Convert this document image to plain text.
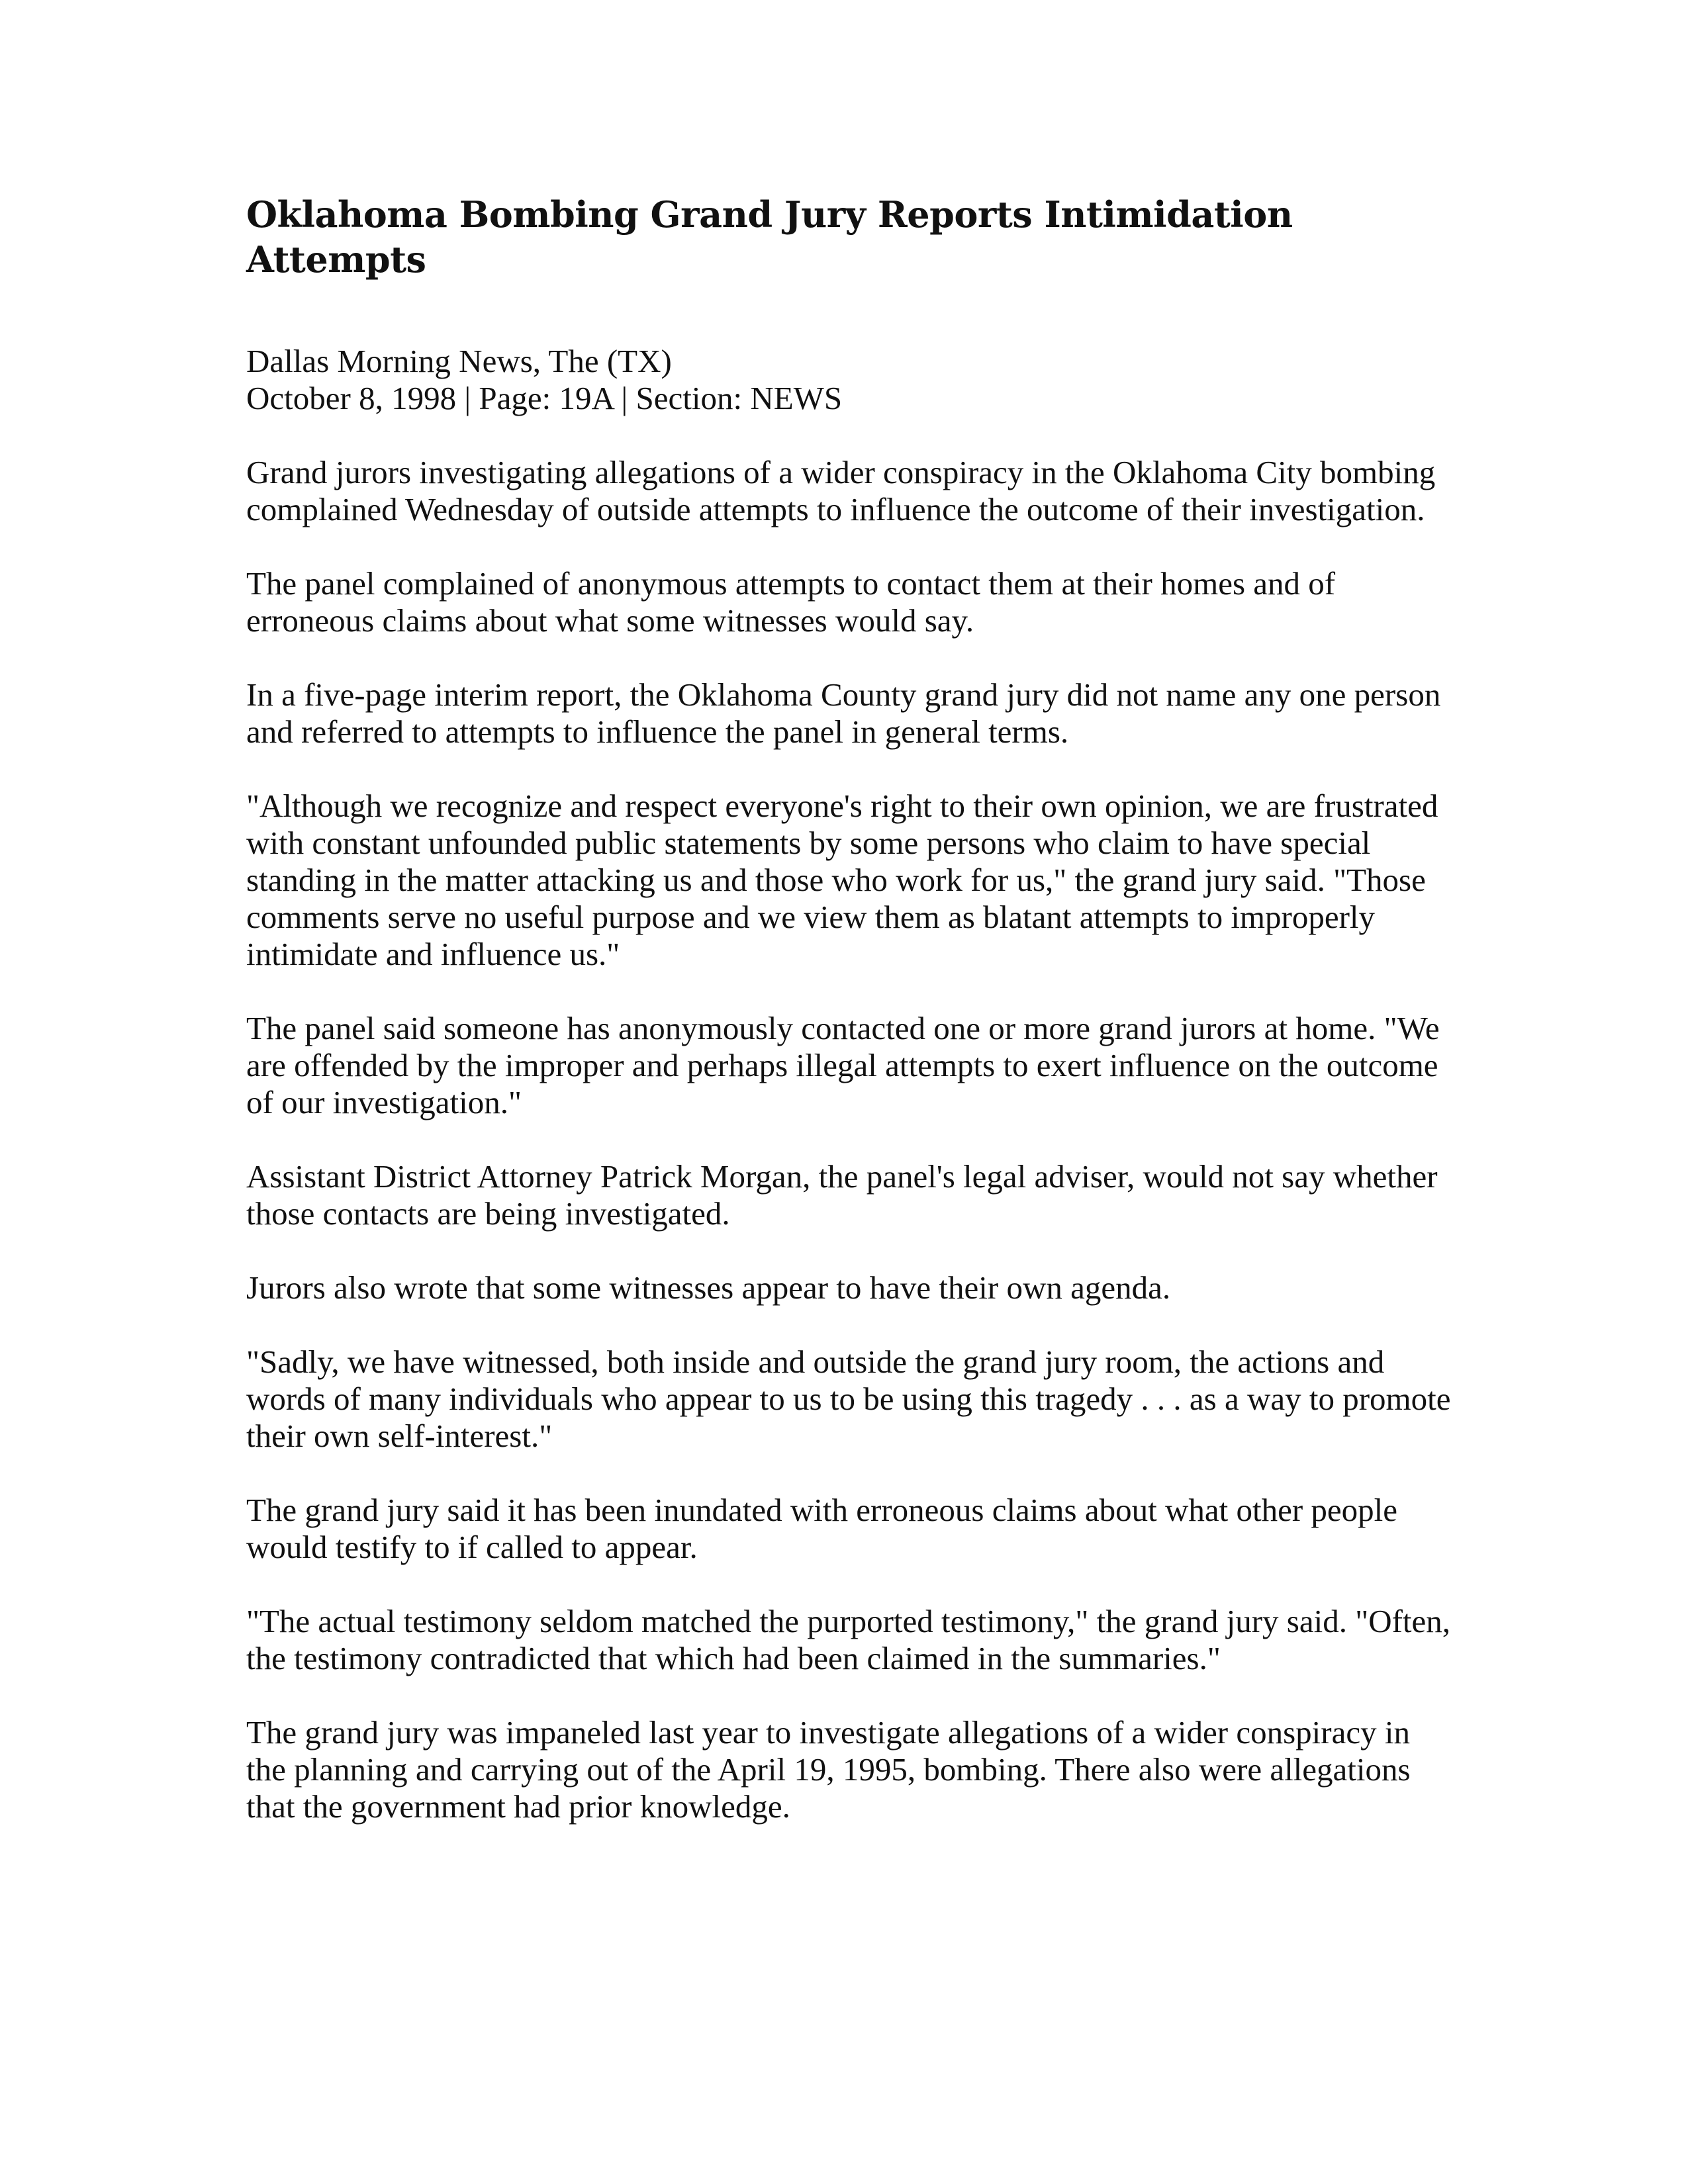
Oklahoma Bombing Grand Jury Reports Intimidation Attempts
Dallas Morning News, The (TX)
October 8, 1998 | Page: 19A | Section: NEWS

Grand jurors investigating allegations of a wider conspiracy in the Oklahoma City bombing complained Wednesday of outside attempts to influence the outcome of their investigation.

The panel complained of anonymous attempts to contact them at their homes and of erroneous claims about what some witnesses would say.

In a five-page interim report, the Oklahoma County grand jury did not name any one person and referred to attempts to influence the panel in general terms.

"Although we recognize and respect everyone's right to their own opinion, we are frustrated with constant unfounded public statements by some persons who claim to have special standing in the matter attacking us and those who work for us," the grand jury said. "Those comments serve no useful purpose and we view them as blatant attempts to improperly intimidate and influence us."

The panel said someone has anonymously contacted one or more grand jurors at home. "We are offended by the improper and perhaps illegal attempts to exert influence on the outcome of our investigation."

Assistant District Attorney Patrick Morgan, the panel's legal adviser, would not say whether those contacts are being investigated.

Jurors also wrote that some witnesses appear to have their own agenda.

"Sadly, we have witnessed, both inside and outside the grand jury room, the actions and words of many individuals who appear to us to be using this tragedy . . . as a way to promote their own self-interest."

The grand jury said it has been inundated with erroneous claims about what other people would testify to if called to appear.

"The actual testimony seldom matched the purported testimony," the grand jury said. "Often, the testimony contradicted that which had been claimed in the summaries."

The grand jury was impaneled last year to investigate allegations of a wider conspiracy in the planning and carrying out of the April 19, 1995, bombing. There also were allegations that the government had prior knowledge.
